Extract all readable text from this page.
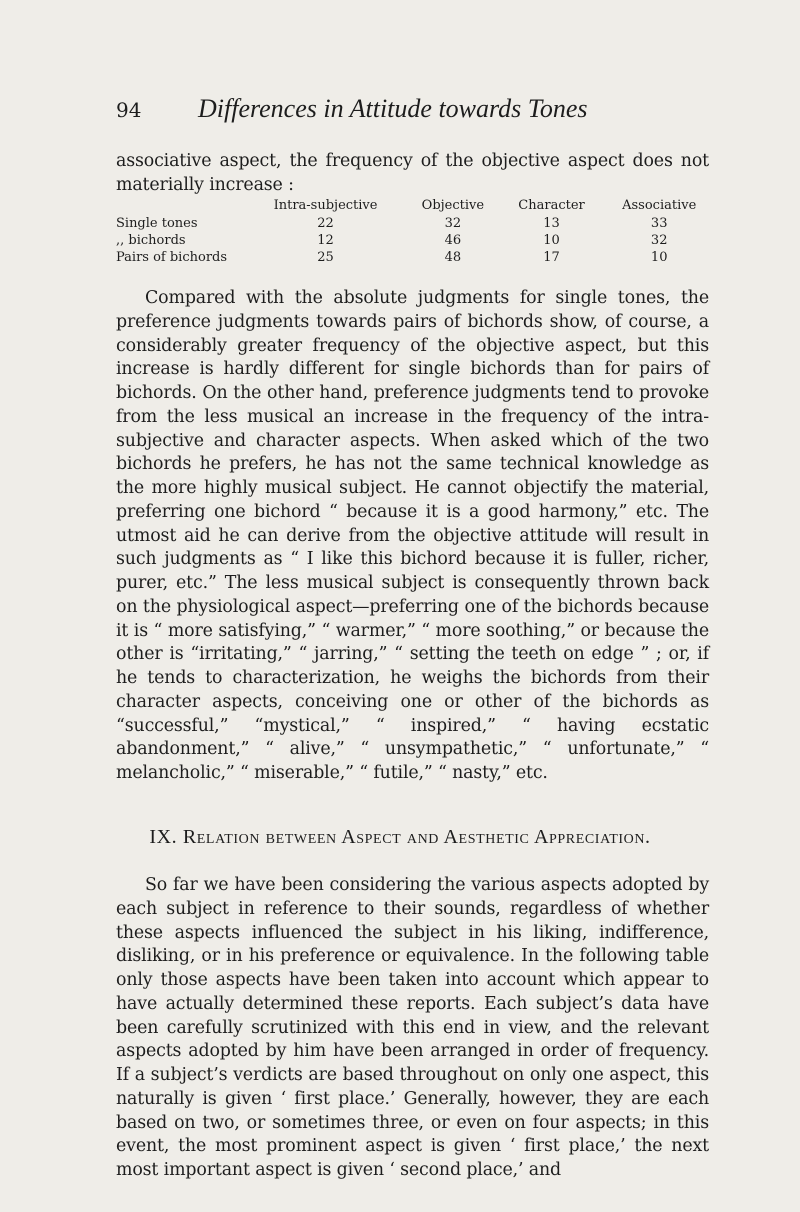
94 Differences in Attitude towards Tones

associative aspect, the frequency of the objective aspect does not materially increase :

	Intra-subjective	Objective	Character	Associative
Single tones	22	32	13	33
,, bichords	12	46	10	32
Pairs of bichords	25	48	17	10

Compared with the absolute judgments for single tones, the preference judgments towards pairs of bichords show, of course, a considerably greater frequency of the objective aspect, but this increase is hardly different for single bichords than for pairs of bichords. On the other hand, preference judgments tend to provoke from the less musical an increase in the frequency of the intra-subjective and character aspects. When asked which of the two bichords he prefers, he has not the same technical knowledge as the more highly musical subject. He cannot objectify the material, preferring one bichord “ because it is a good harmony,” etc. The utmost aid he can derive from the objective attitude will result in such judgments as “ I like this bichord because it is fuller, richer, purer, etc.” The less musical subject is consequently thrown back on the physiological aspect—preferring one of the bichords because it is “ more satisfying,” “ warmer,” “ more soothing,” or because the other is “irritating,” “ jarring,” “ setting the teeth on edge ” ; or, if he tends to characterization, he weighs the bichords from their character aspects, conceiving one or other of the bichords as “successful,” “mystical,” “ inspired,” “ having ecstatic abandonment,” “ alive,” “ unsympathetic,” “ unfortunate,” “ melancholic,” “ miserable,” “ futile,” “ nasty,” etc.

IX. Relation between Aspect and Aesthetic Appreciation.

So far we have been considering the various aspects adopted by each subject in reference to their sounds, regardless of whether these aspects influenced the subject in his liking, indifference, disliking, or in his preference or equivalence. In the following table only those aspects have been taken into account which appear to have actually determined these reports. Each subject’s data have been carefully scrutinized with this end in view, and the relevant aspects adopted by him have been arranged in order of frequency. If a subject’s verdicts are based throughout on only one aspect, this naturally is given ‘ first place.’ Generally, however, they are each based on two, or sometimes three, or even on four aspects; in this event, the most prominent aspect is given ‘ first place,’ the next most important aspect is given ‘ second place,’ and
